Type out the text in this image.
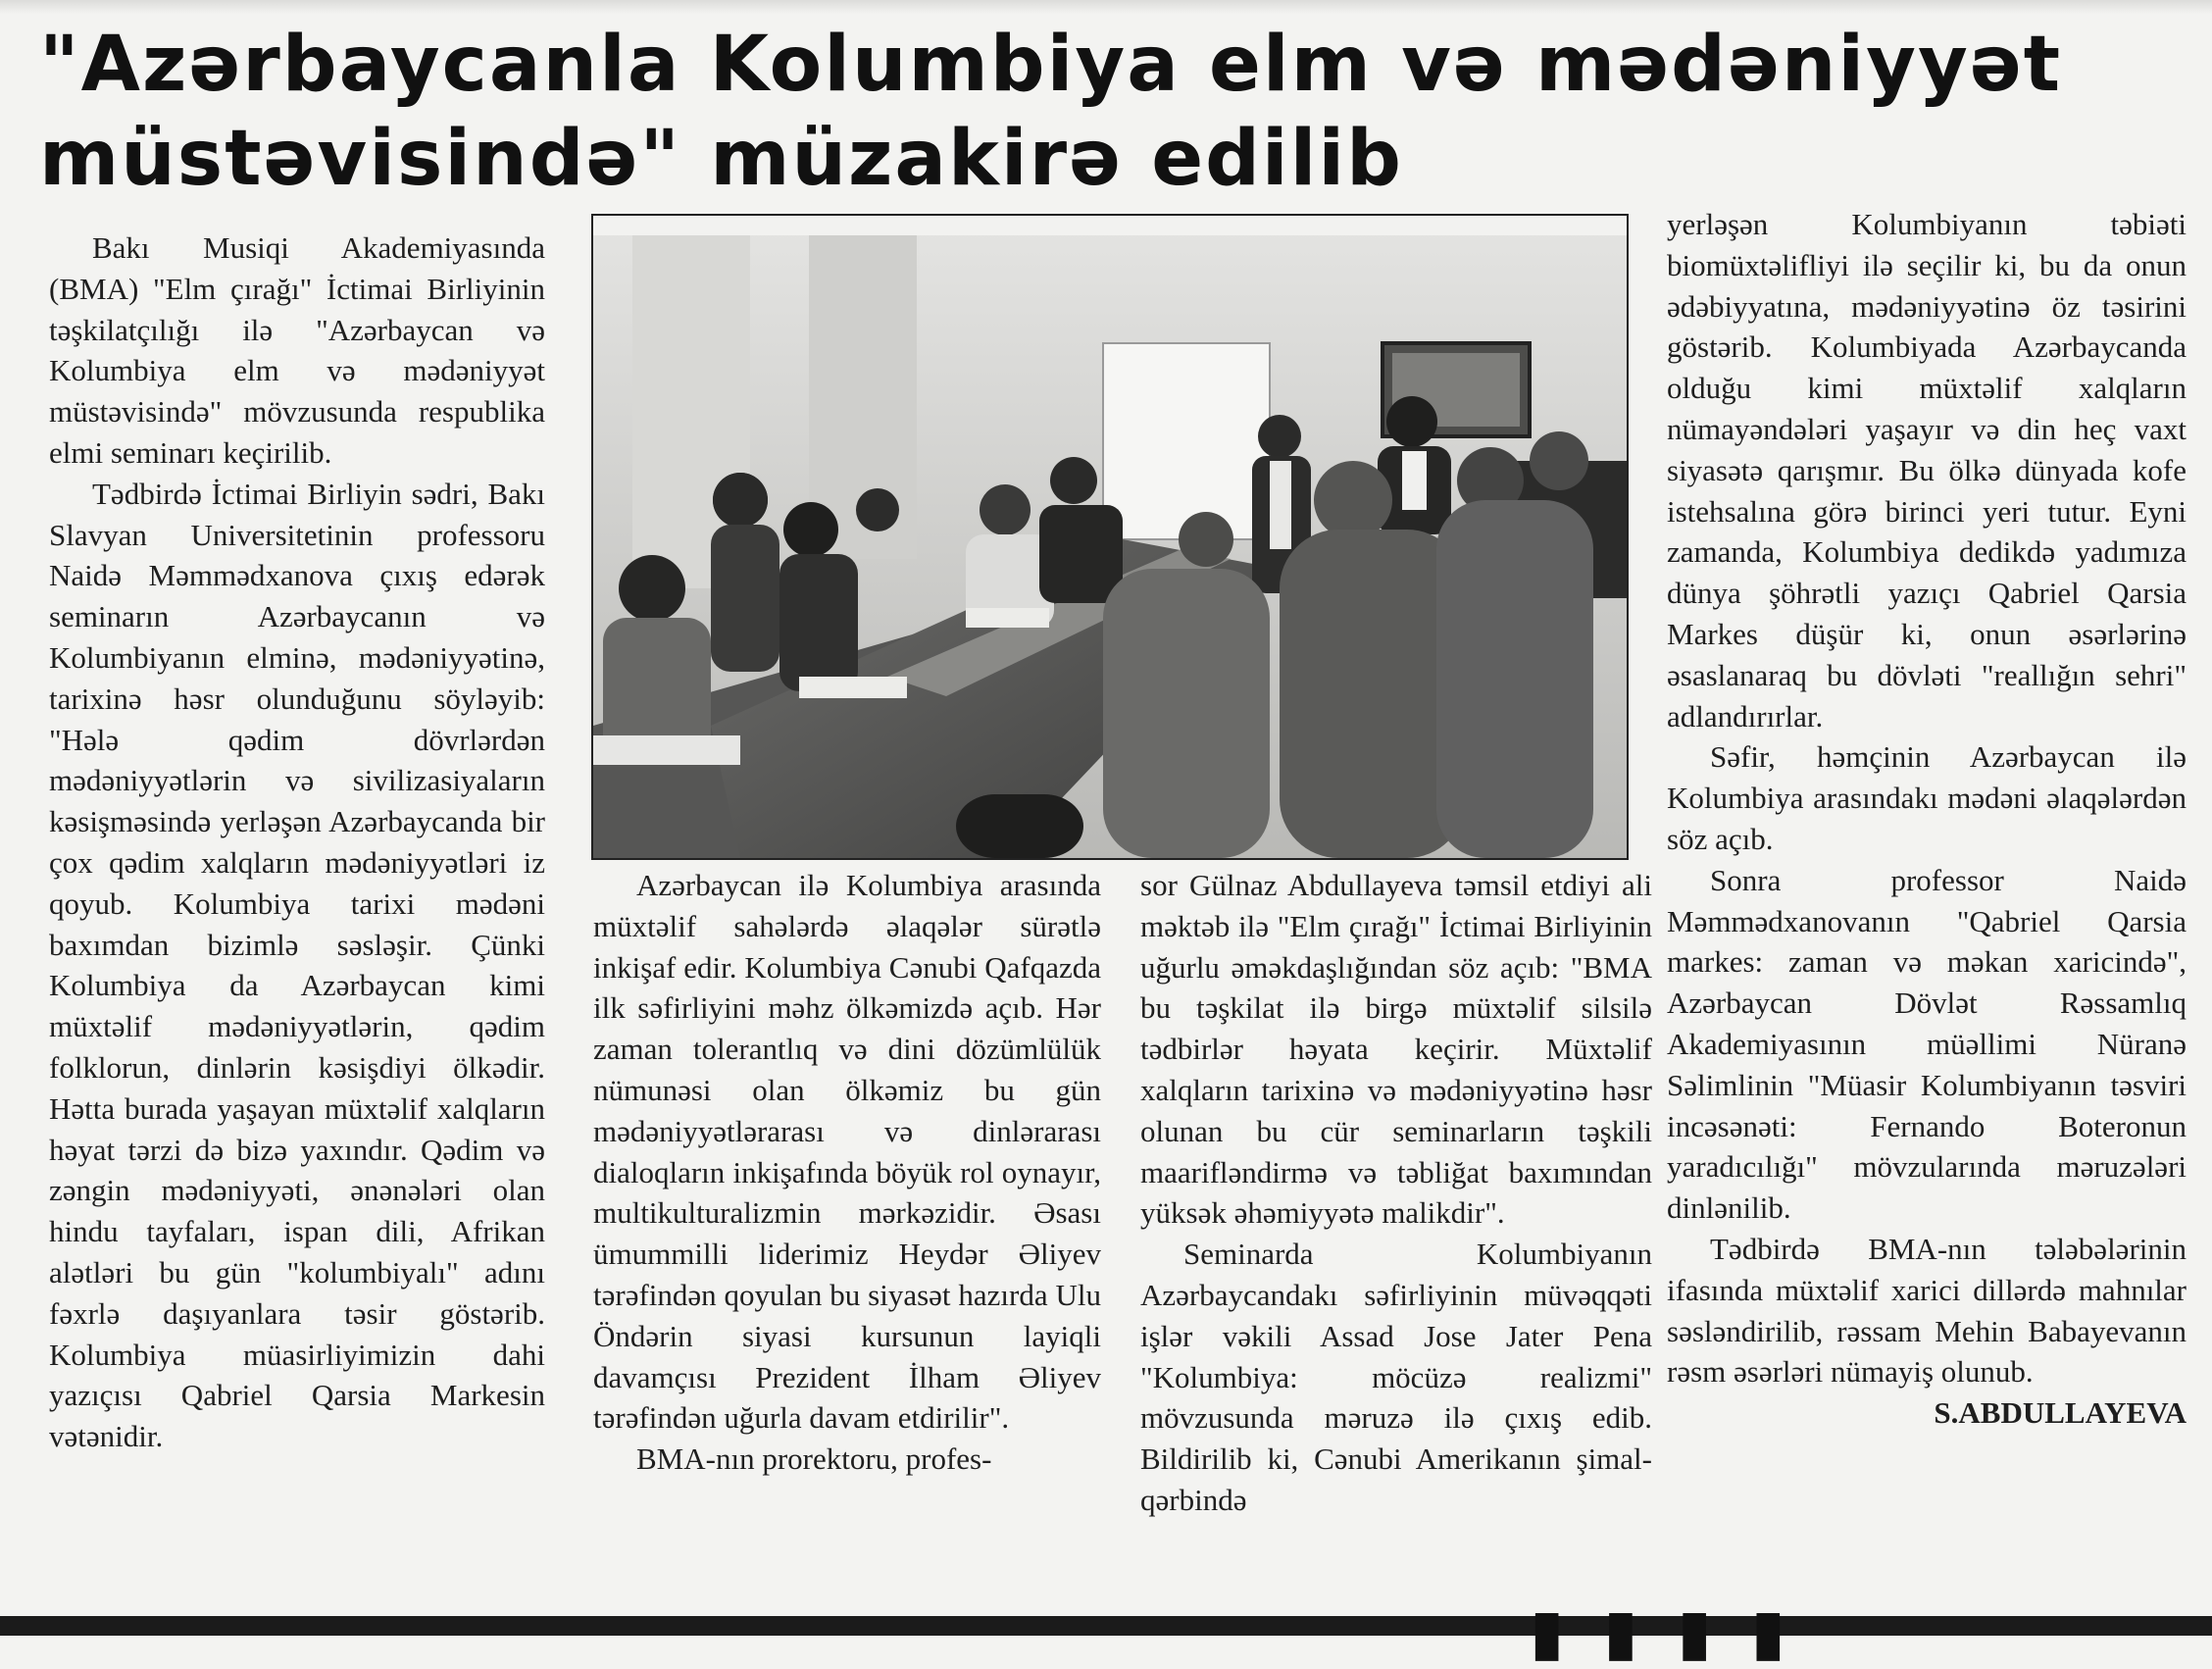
"Azərbaycanla Kolumbiya elm və mədəniyyət müstəvisində" müzakirə edilib

Bakı Musiqi Akademiyasında (BMA) "Elm çırağı" İctimai Birliyinin təşkilatçılığı ilə "Azərbaycan və Kolumbiya elm və mədəniyyət müstəvisində" mövzusunda respublika elmi seminarı keçirilib.

Tədbirdə İctimai Birliyin sədri, Bakı Slavyan Universitetinin professoru Naidə Məmmədxanova çıxış edərək seminarın Azərbaycanın və Kolumbiyanın elminə, mədəniyyətinə, tarixinə həsr olunduğunu söyləyib: "Hələ qədim dövrlərdən mədəniyyətlərin və sivilizasiyaların kəsişməsində yerləşən Azərbaycanda bir çox qədim xalqların mədəniyyətləri iz qoyub. Kolumbiya tarixi mədəni baxımdan bizimlə səsləşir. Çünki Kolumbiya da Azərbaycan kimi müxtəlif mədəniyyətlərin, qədim folklorun, dinlərin kəsişdiyi ölkədir. Hətta burada yaşayan müxtəlif xalqların həyat tərzi də bizə yaxındır. Qədim və zəngin mədəniyyəti, ənənələri olan hindu tayfaları, ispan dili, Afrikan alətləri bu gün "kolumbiyalı" adını fəxrlə daşıyanlara təsir göstərib. Kolumbiya müasirliyimizin dahi yazıçısı Qabriel Qarsia Markesin vətənidir.

Azərbaycan ilə Kolumbiya arasında müxtəlif sahələrdə əlaqələr sürətlə inkişaf edir. Kolumbiya Cənubi Qafqazda ilk səfirliyini məhz ölkəmizdə açıb. Hər zaman tolerantlıq və dini dözümlülük nümunəsi olan ölkəmiz bu gün mədəniyyətlərarası və dinlərarası dialoqların inkişafında böyük rol oynayır, multikulturalizmin mərkəzidir. Əsası ümummilli liderimiz Heydər Əliyev tərəfindən qoyulan bu siyasət hazırda Ulu Öndərin siyasi kursunun layiqli davamçısı Prezident İlham Əliyev tərəfindən uğurla davam etdirilir".

BMA-nın prorektoru, profes-

sor Gülnaz Abdullayeva təmsil etdiyi ali məktəb ilə "Elm çırağı" İctimai Birliyinin uğurlu əməkdaşlığından söz açıb: "BMA bu təşkilat ilə birgə müxtəlif silsilə tədbirlər həyata keçirir. Müxtəlif xalqların tarixinə və mədəniyyətinə həsr olunan bu cür seminarların təşkili maarifləndirmə və təbliğat baxımından yüksək əhəmiyyətə malikdir".

Seminarda Kolumbiyanın Azərbaycandakı səfirliyinin müvəqqəti işlər vəkili Assad Jose Jater Pena "Kolumbiya: möcüzə realizmi" mövzusunda məruzə ilə çıxış edib. Bildirilib ki, Cənubi Amerikanın şimal-qərbində

yerləşən Kolumbiyanın təbiəti biomüxtəlifliyi ilə seçilir ki, bu da onun ədəbiyyatına, mədəniyyətinə öz təsirini göstərib. Kolumbiyada Azərbaycanda olduğu kimi müxtəlif xalqların nümayəndələri yaşayır və din heç vaxt siyasətə qarışmır. Bu ölkə dünyada kofe istehsalına görə birinci yeri tutur. Eyni zamanda, Kolumbiya dedikdə yadımıza dünya şöhrətli yazıçı Qabriel Qarsia Markes düşür ki, onun əsərlərinə əsaslanaraq bu dövləti "reallığın sehri" adlandırırlar.

Səfir, həmçinin Azərbaycan ilə Kolumbiya arasındakı mədəni əlaqələrdən söz açıb.

Sonra professor Naidə Məmmədxanovanın "Qabriel Qarsia markes: zaman və məkan xaricində", Azərbaycan Dövlət Rəssamlıq Akademiyasının müəllimi Nüranə Səlimlinin "Müasir Kolumbiyanın təsviri incəsənəti: Fernando Boteronun yaradıcılığı" mövzularında məruzələri dinlənilib.

Tədbirdə BMA-nın tələbələrinin ifasında müxtəlif xarici dillərdə mahnılar səsləndirilib, rəssam Mehin Babayevanın rəsm əsərləri nümayiş olunub.

S.ABDULLAYEVA

▮▮▮▮
